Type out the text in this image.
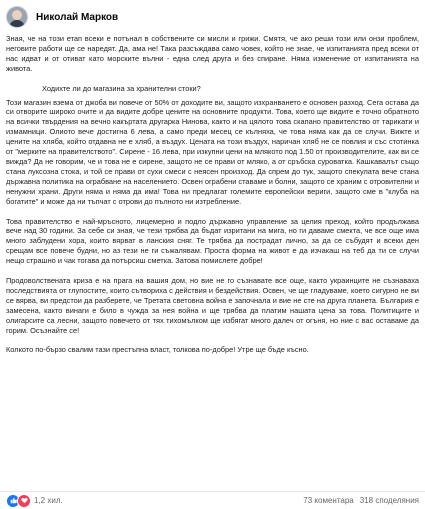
Николай Марков

Зная, че на този етап всеки е потънал в собствените си мисли и грижи. Смятя, че ако реши този или онзи проблем, неговите работи ще се наредят. Да, ама не! Така разсъждава само човек, който не знае, че изпитанията пред всеки от нас идват и от отиват като морските вълни - една след друга и без спиране. Няма изменение от изпитанията на живота.

Ходихте ли до магазина за хранителни стоки?

Този магазин взема от джоба ви повече от 50% от доходите ви, защото изхранването е основен разход. Сега остава да си отворите широко очите и да видите добре цените на основните продукти. Това, което ще видите е точно обратното на всички твърдения на вечно какъртата другарка Нинова, както и на цялото това скапано правителство от тарикати и измамници. Олиото вече достигна 6 лева, а само преди месец се кълняха, че това няма как да се случи. Вижте и цените на хляба, който отдавна не е хляб, а въздух. Цената на този въздух, наричан хляб не се повлия и със стотинка от "мерките на правителството". Сирене - 16 лева, при изкупни цени на млякото под 1.50 от производителите, как ви се вижда? Да не говорим, че и това не е сирене, защото не се прави от мляко, а от сръбска суроватка. Кашкавалът също стана луксозна стока, и той се прави от сухи смеси с неясен произход. Да спрем до тук, защото спекулата вече стана държавна политика на ограбване на населението. Освен ограбени ставаме и болни, защото се храним с отровителни и ненужни храни. Други няма и няма да има! Това ни предлагат големите европейски вериги, защото сме в "клуба на богатите" и може да ни тъпчат с отрови до пълното ни изтребление.

Това правителство е най-мръсното, лицемерно и подло държавно управление за целия преход, който продължава вече над 30 години. За себе си зная, че тези трябва да бъдат изритани на мига, но ги даваме смекта, че все още има много заблудени хора, които вярват в ланския сняг. Те трябва да пострадат лично, за да се събудят и всеки ден срещам все повече будни, но аз тези не ги съжалявам. Проста форма на живот е да изчакаш на теб да ти се случи нещо страшно и чак тогава да потърсиш сметка. Затова помислете добре!

Продоволствената криза е на прага на вашия дом, но вие не го съзнавате все още, както украинците не съзнаваха последствията от глупостите, които сътвориха с действия и бездействия. Освен, че ще гладуваме, което сигурно не ви се вярва, ви предстои да разберете, че Третата световна война е започнала и вие не сте на друга планета. България е замесена, както винаги е било в чужда за нея война и ще трябва да платим нашата цена за това. Политиците и олигарсите са лесни, защото повечето от тях тихомълком ще избягат много далеч от огъня, но ние с вас оставаме да горим. Осъзнайте се!

Колкото по-бързо свалим тази престъпна власт, толкова по-добре! Утре ще бъде късно.

1,2 хил.	73 коментара 318 споделяния
